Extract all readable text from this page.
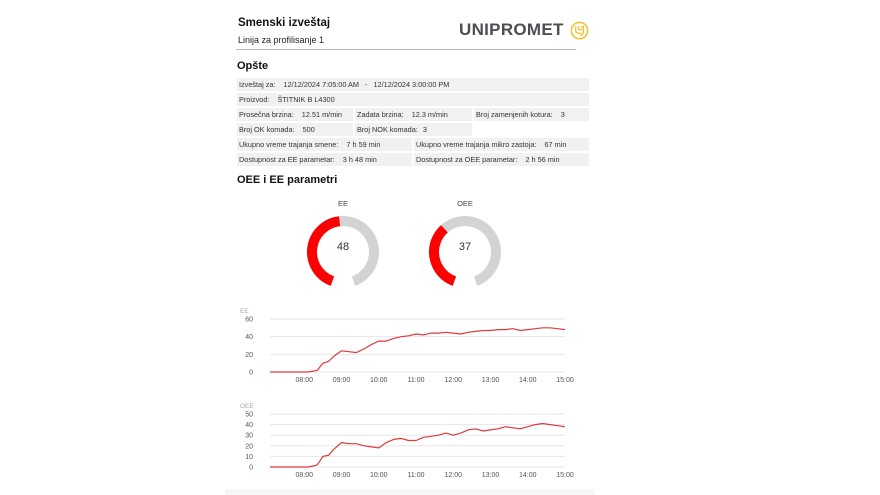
Smenski izveštaj
Linija za profilisanje 1
UNIPROMET
Opšte
Izveštaj za: 12/12/2024 7:05:00 AM - 12/12/2024 3:00:00 PM
Proizvod: ŠTITNIK B L4300
Prosečna brzina: 12.51 m/min	Zadata brzina: 12.3 m/min	Broj zamenjenih kotura: 3
Broj OK komada: 500	Broj NOK komada: 3
Ukupno vreme trajanja smene: 7 h 59 min	Ukupno vreme trajanja mikro zastoja: 67 min
Dostupnost za EE parametar: 3 h 48 min	Dostupnost za OEE parametar: 2 h 56 min
OEE i EE parametri
EE
48
OEE
37
EE
0
20
40
60
08:00	09:00	10:00	11:00	12:00	13:00	14:00	15:00
OEE
0
10
20
30
40
50
08:00	09:00	10:00	11:00	12:00	13:00	14:00	15:00
